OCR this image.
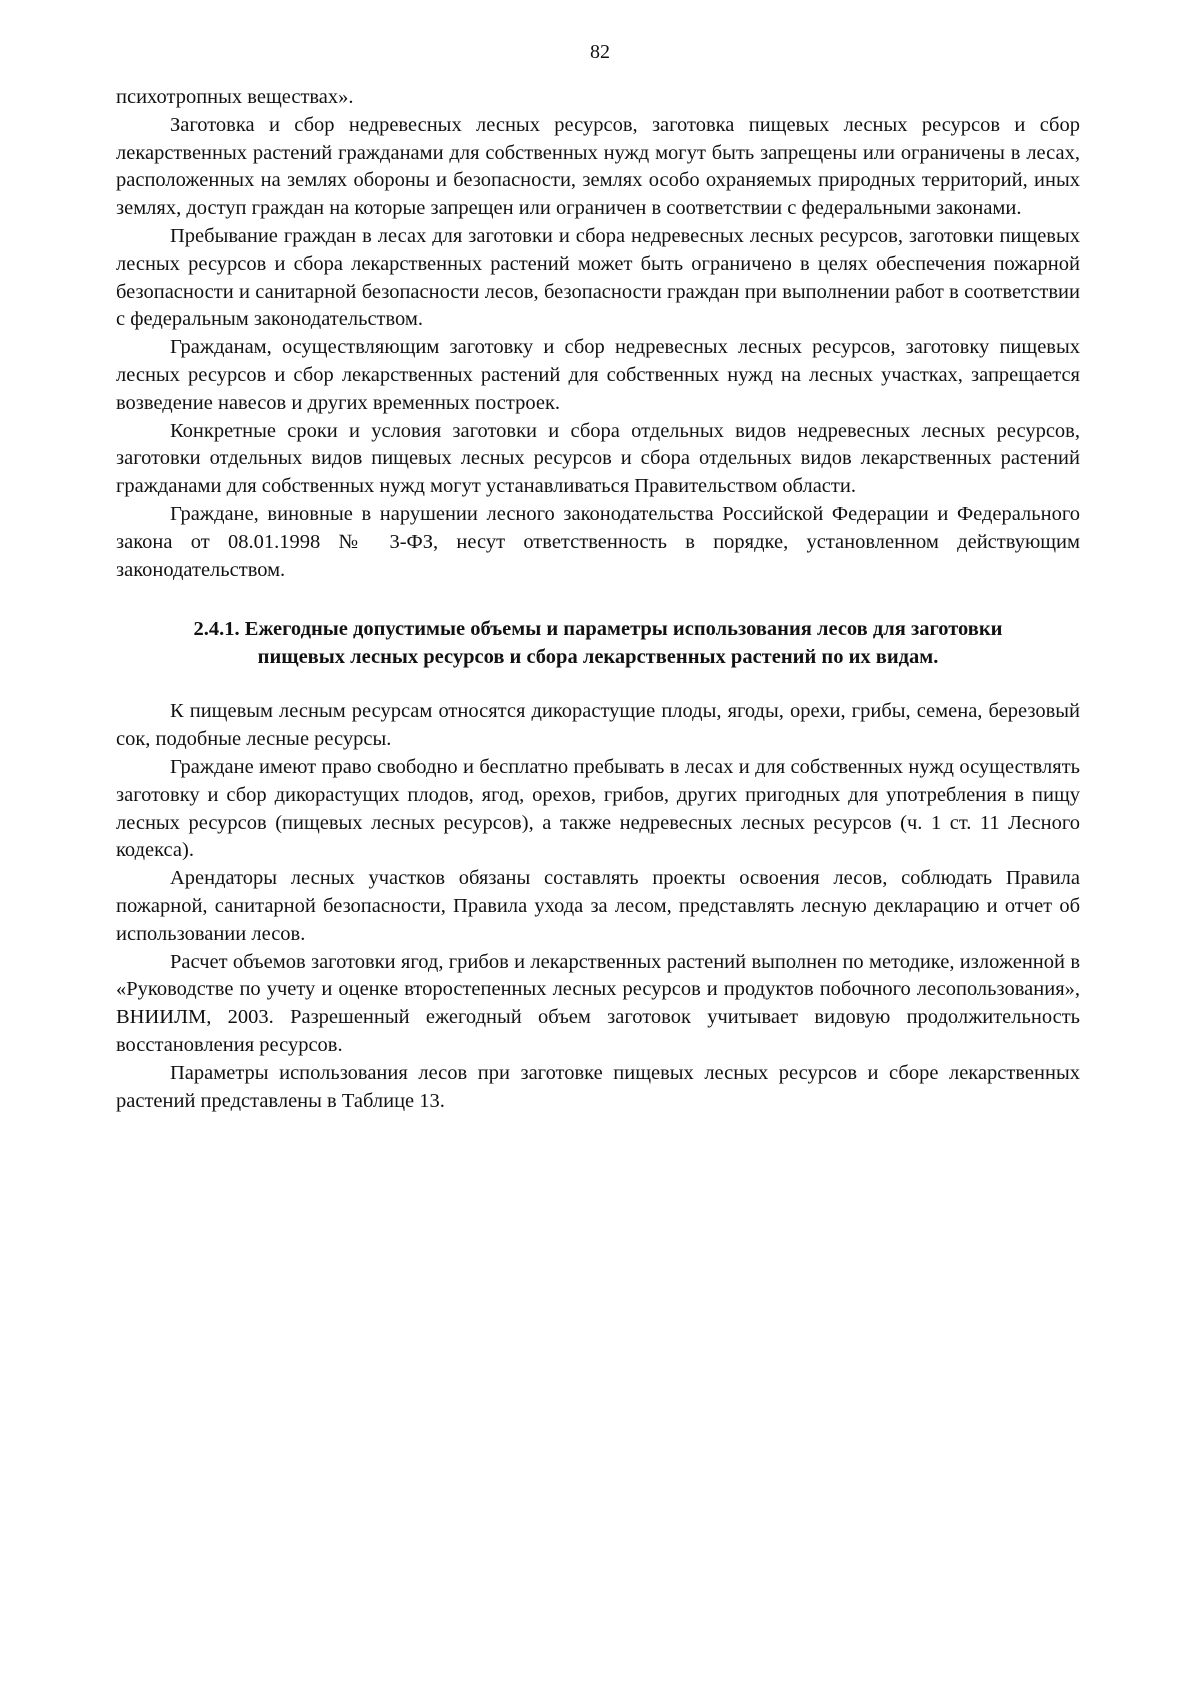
82

психотропных веществах».

Заготовка и сбор недревесных лесных ресурсов, заготовка пищевых лесных ресурсов и сбор лекарственных растений гражданами для собственных нужд могут быть запрещены или ограничены в лесах, расположенных на землях обороны и безопасности, землях особо охраняемых природных территорий, иных землях, доступ граждан на которые запрещен или ограничен в соответствии с федеральными законами.

Пребывание граждан в лесах для заготовки и сбора недревесных лесных ресурсов, заготовки пищевых лесных ресурсов и сбора лекарственных растений может быть ограничено в целях обеспечения пожарной безопасности и санитарной безопасности лесов, безопасности граждан при выполнении работ в соответствии с федеральным законодательством.

Гражданам, осуществляющим заготовку и сбор недревесных лесных ресурсов, заготовку пищевых лесных ресурсов и сбор лекарственных растений для собственных нужд на лесных участках, запрещается возведение навесов и других временных построек.

Конкретные сроки и условия заготовки и сбора отдельных видов недревесных лесных ресурсов, заготовки отдельных видов пищевых лесных ресурсов и сбора отдельных видов лекарственных растений гражданами для собственных нужд могут устанавливаться Правительством области.

Граждане, виновные в нарушении лесного законодательства Российской Федерации и Федерального закона от 08.01.1998 № 3-ФЗ, несут ответственность в порядке, установленном действующим законодательством.

2.4.1. Ежегодные допустимые объемы и параметры использования лесов для заготовки
пищевых лесных ресурсов и сбора лекарственных растений по их видам.

К пищевым лесным ресурсам относятся дикорастущие плоды, ягоды, орехи, грибы, семена, березовый сок, подобные лесные ресурсы.

Граждане имеют право свободно и бесплатно пребывать в лесах и для собственных нужд осуществлять заготовку и сбор дикорастущих плодов, ягод, орехов, грибов, других пригодных для употребления в пищу лесных ресурсов (пищевых лесных ресурсов), а также недревесных лесных ресурсов (ч. 1 ст. 11 Лесного кодекса).

Арендаторы лесных участков обязаны составлять проекты освоения лесов, соблюдать Правила пожарной, санитарной безопасности, Правила ухода за лесом, представлять лесную декларацию и отчет об использовании лесов.

Расчет объемов заготовки ягод, грибов и лекарственных растений выполнен по методике, изложенной в «Руководстве по учету и оценке второстепенных лесных ресурсов и продуктов побочного лесопользования», ВНИИЛМ, 2003. Разрешенный ежегодный объем заготовок учитывает видовую продолжительность восстановления ресурсов.

Параметры использования лесов при заготовке пищевых лесных ресурсов и сборе лекарственных растений представлены в Таблице 13.
